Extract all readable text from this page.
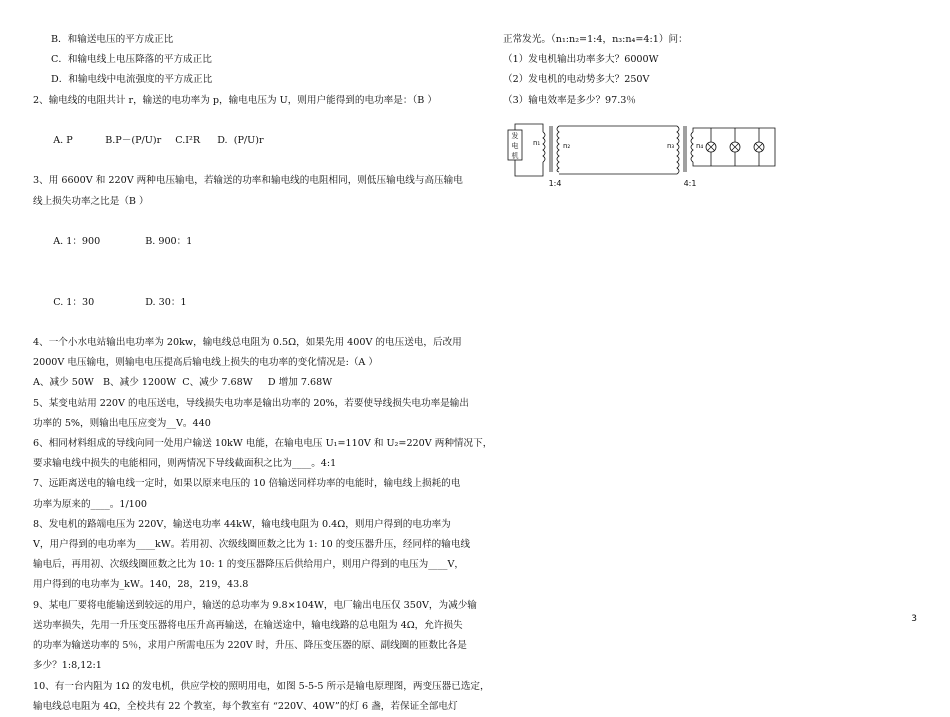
B．和输送电压的平方成正比
C．和输电线上电压降落的平方成正比
D．和输电线中电流强度的平方成正比
2、输电线的电阻共计 r，输送的电功率为 p，输电电压为 U，则用户能得到的电功率是：（B ）

A. P	B.P－(P/U)r C.I²R D.  (P/U)r

3、用 6600V 和 220V 两种电压输电，若输送的功率和输电线的电阻相同，则低压输电线与高压输电
线上损失功率之比是（B ）

A. 1：900	B. 900：1

C. 1：30	D. 30：1

4、一个小水电站输出电功率为 20kw，输电线总电阻为 0.5Ω，如果先用 400V 的电压送电，后改用
2000V 电压输电，则输电电压提高后输电线上损失的电功率的变化情况是:（A ）
A、减少 50W   B、减少 1200W  C、减少 7.68W     D 增加 7.68W
5、某变电站用 220V 的电压送电，导线损失电功率是输出功率的 20%，若要使导线损失电功率是输出
功率的 5%，则输出电压应变为__V。440
6、相同材料组成的导线向同一处用户输送 10kW 电能，在输电电压 U₁=110V 和 U₂=220V 两种情况下，
要求输电线中损失的电能相同，则两情况下导线截面积之比为____。4:1
7、远距离送电的输电线一定时，如果以原来电压的 10 倍输送同样功率的电能时，输电线上损耗的电
功率为原来的____。1/100
8、发电机的路端电压为 220V，输送电功率 44kW，输电线电阻为 0.4Ω，则用户得到的电功率为
V，用户得到的电功率为____kW。若用初、次级线圈匝数之比为 1: 10 的变压器升压，经同样的输电线
输电后，再用初、次级线圈匝数之比为 10: 1 的变压器降压后供给用户，则用户得到的电压为____V，
用户得到的电功率为_kW。140，28，219，43.8
9、某电厂要将电能输送到较远的用户，输送的总功率为 9.8×104W，电厂输出电压仅 350V，为减少输
送功率损失，先用一升压变压器将电压升高再输送，在输送途中，输电线路的总电阻为 4Ω，允许损失
的功率为输送功率的 5％，求用户所需电压为 220V 时，升压、降压变压器的原、副线圈的匝数比各是
多少？1:8,12:1
10、有一台内阻为 1Ω 的发电机，供应学校的照明用电，如图 5-5-5 所示是输电原理图，两变压器已选定，
输电线总电阻为 4Ω，全校共有 22 个教室，每个教室有 “220V、40W”的灯 6 盏，若保证全部电灯
正常发光。（n₁:n₂=1:4，n₃:n₄=4:1）问：
（1）发电机输出功率多大？6000W
（2）发电机的电动势多大？250V
（3）输电效率是多少？97.3％
发
电
机
n₁	n₂
1:4
n₃	n₄
4:1
3
